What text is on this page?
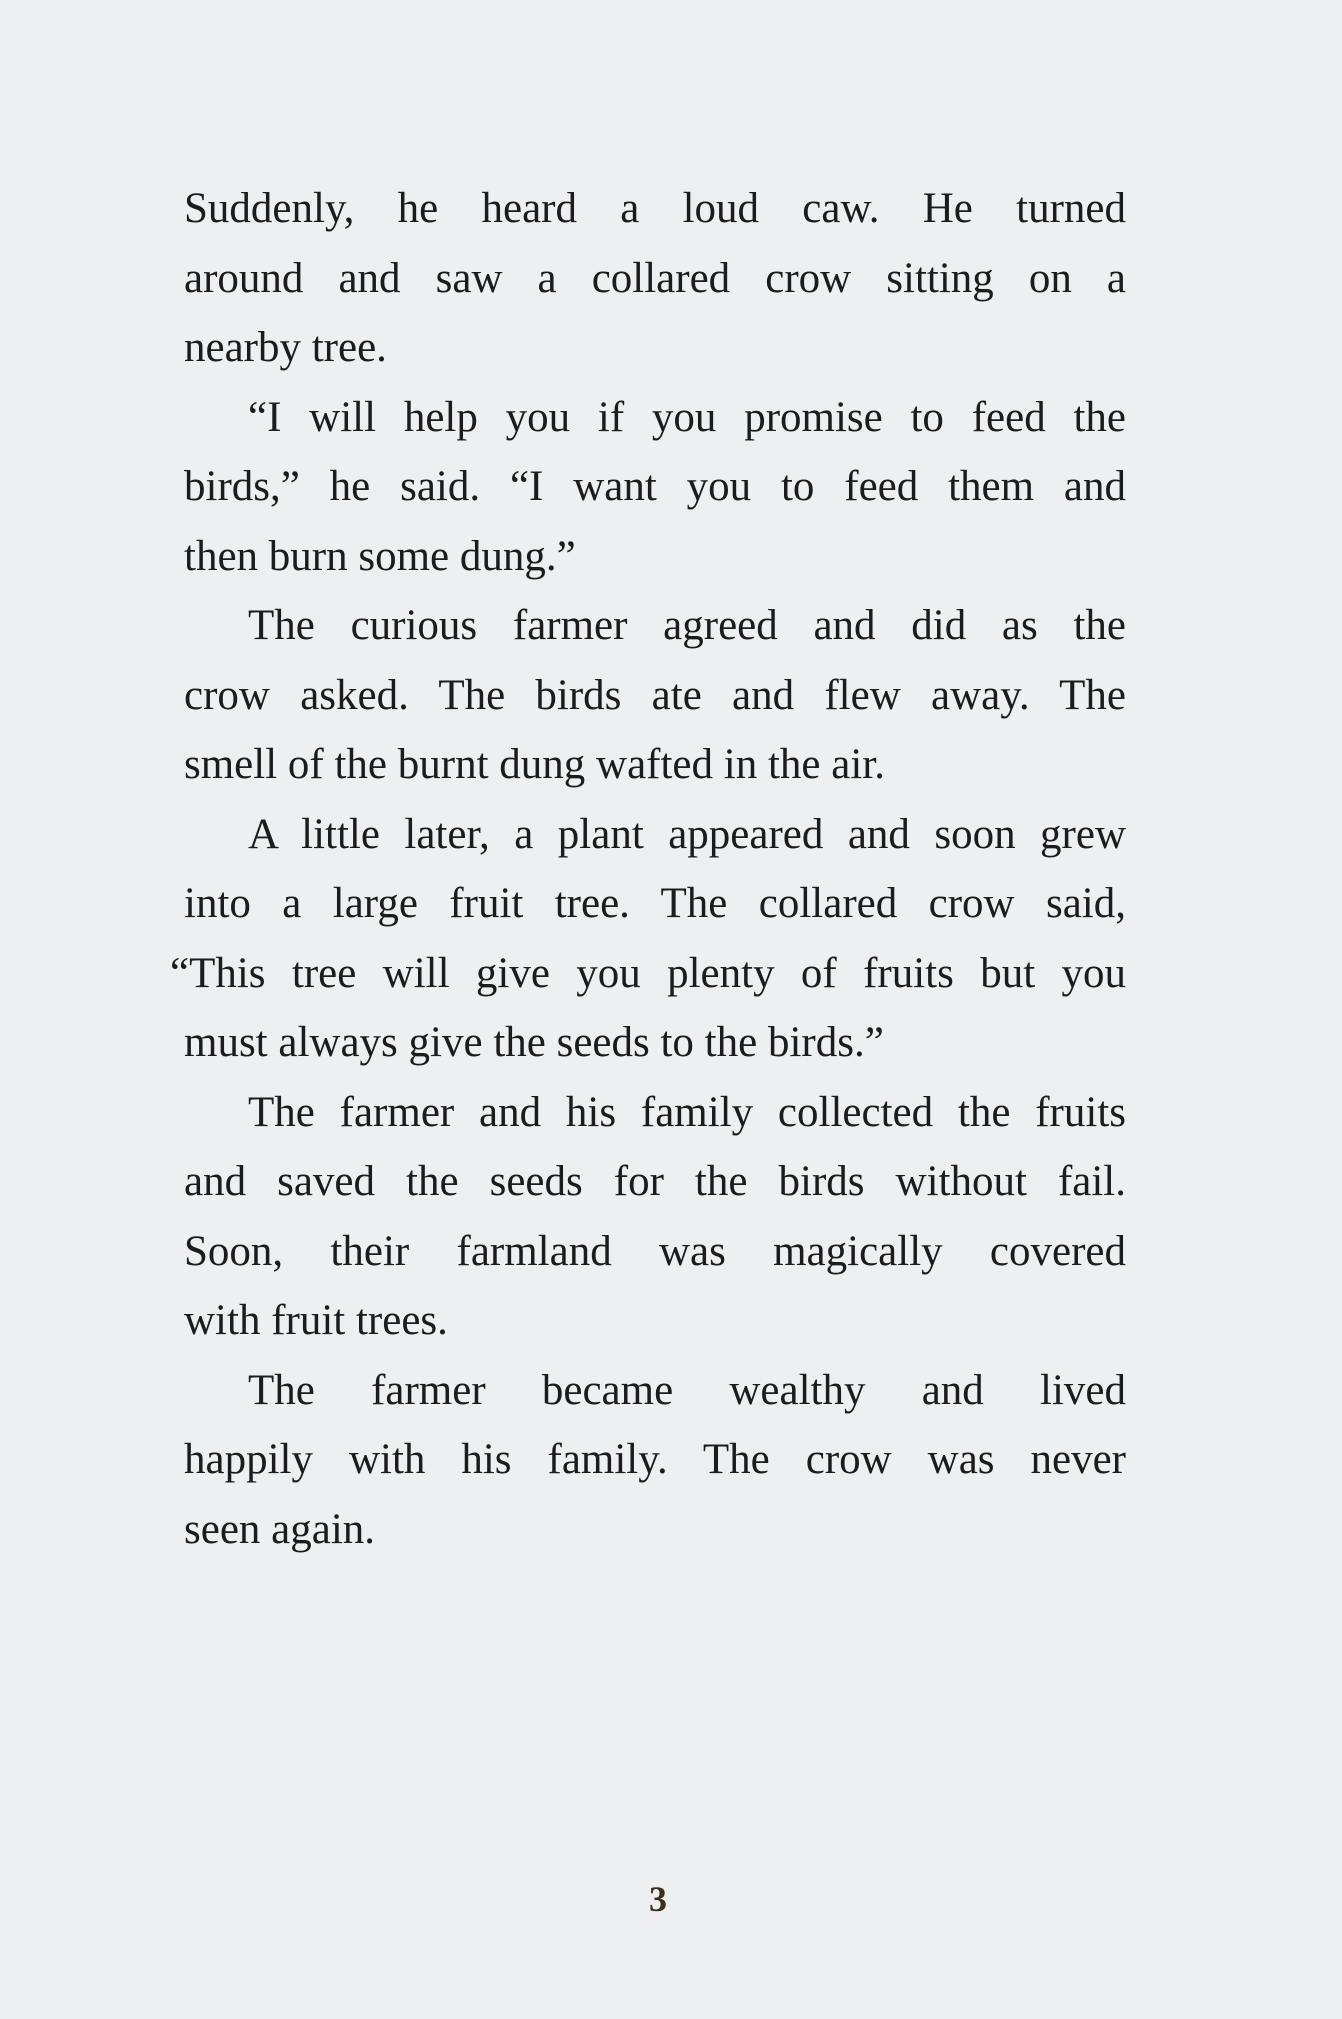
Suddenly, he heard a loud caw. He turned
around and saw a collared crow sitting on a
nearby tree.
“I will help you if you promise to feed the
birds,” he said. “I want you to feed them and
then burn some dung.”
The curious farmer agreed and did as the
crow asked. The birds ate and flew away. The
smell of the burnt dung wafted in the air.
A little later, a plant appeared and soon grew
into a large fruit tree. The collared crow said,
“This tree will give you plenty of fruits but you
must always give the seeds to the birds.”
The farmer and his family collected the fruits
and saved the seeds for the birds without fail.
Soon, their farmland was magically covered
with fruit trees.
The farmer became wealthy and lived
happily with his family. The crow was never
seen again.
3
